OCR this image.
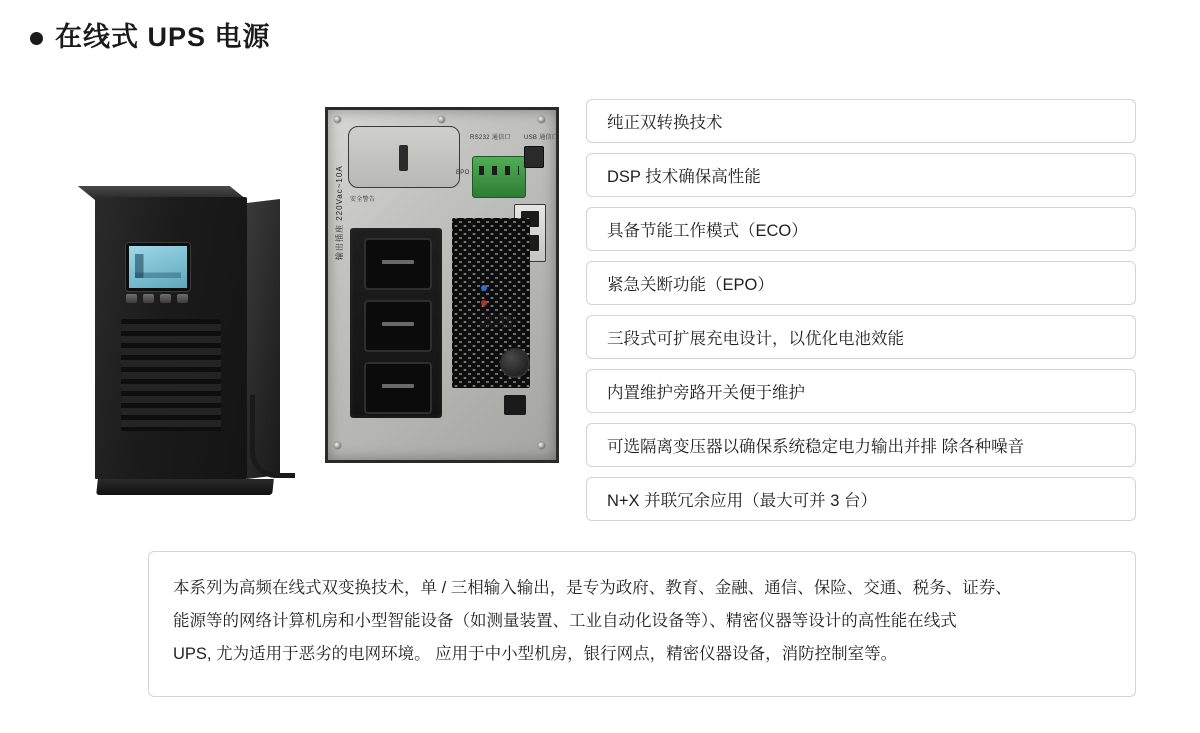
在线式 UPS 电源
安全警告
RS232 通信口 USB 通信口
EPO
输出插座 220Vac~10A
三相交流输入
INPUT 30A
纯正双转换技术
DSP 技术确保高性能
具备节能工作模式（ECO）
紧急关断功能（EPO）
三段式可扩展充电设计，以优化电池效能
内置维护旁路开关便于维护
可选隔离变压器以确保系统稳定电力输出并排 除各种噪音
N+X 并联冗余应用（最大可并 3 台）
本系列为高频在线式双变换技术，单 / 三相输入输出，是专为政府、教育、金融、通信、保险、交通、税务、证券、
能源等的网络计算机房和小型智能设备（如测量装置、工业自动化设备等）、精密仪器等设计的高性能在线式
UPS, 尤为适用于恶劣的电网环境。 应用于中小型机房，银行网点，精密仪器设备，消防控制室等。
